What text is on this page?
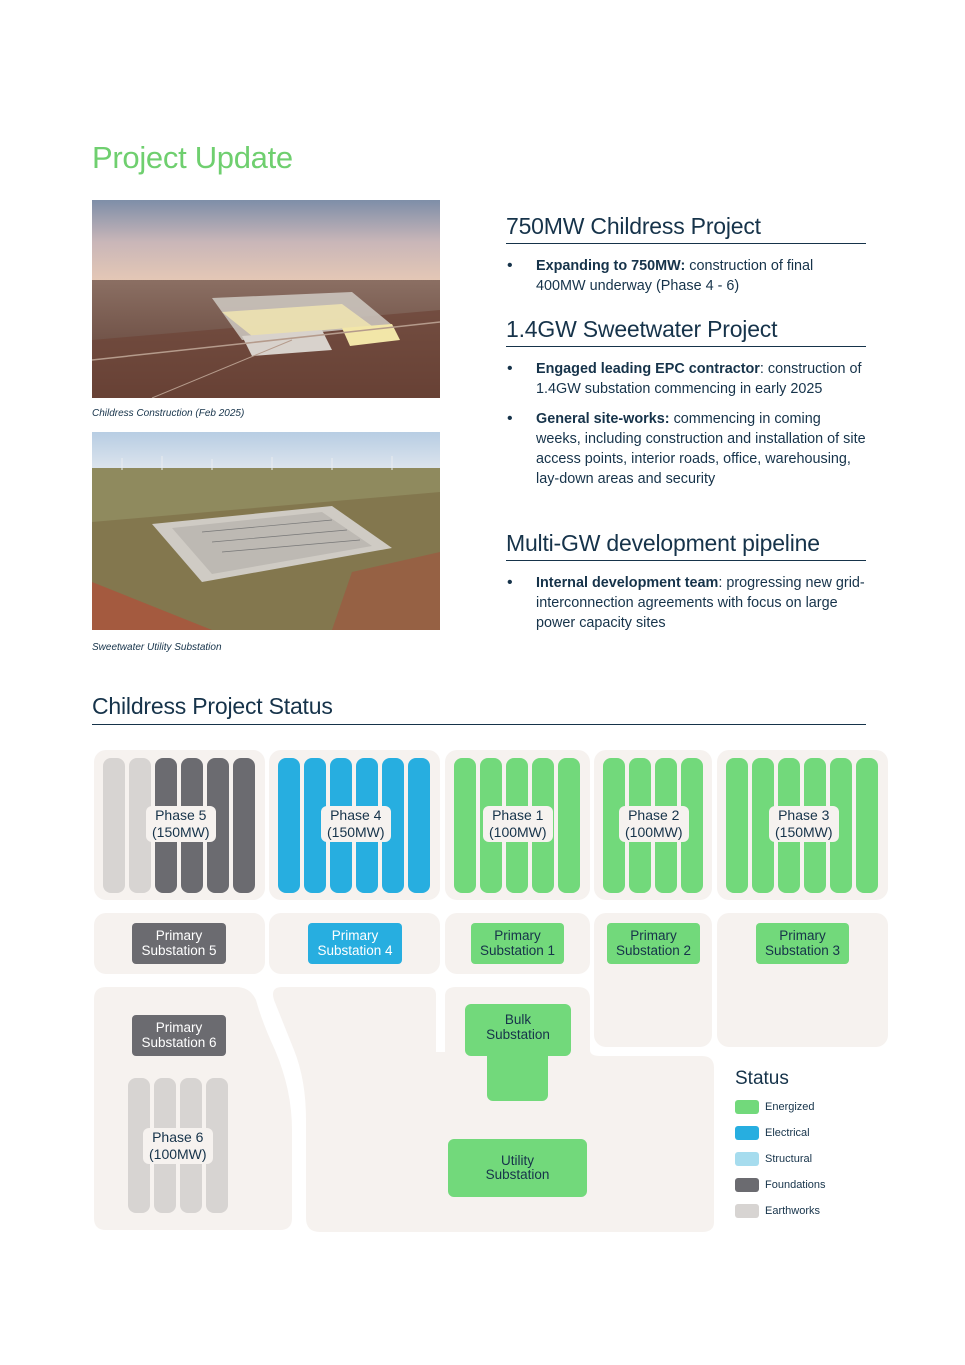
Project Update
Childress Construction (Feb 2025)
Sweetwater Utility Substation
750MW Childress Project
• Expanding to 750MW: construction of final 400MW underway (Phase 4 - 6)
1.4GW Sweetwater Project
• Engaged leading EPC contractor: construction of 1.4GW substation commencing in early 2025
• General site-works: commencing in coming weeks, including construction and installation of site access points, interior roads, office, warehousing, lay-down areas and security
Multi-GW development pipeline
• Internal development team: progressing new grid-interconnection agreements with focus on large power capacity sites
Childress Project Status
Phase 5
(150MW)
Phase 4
(150MW)
Phase 1
(100MW)
Phase 2
(100MW)
Phase 3
(150MW)
Phase 6
(100MW)
Primary
Substation 5
Primary
Substation 4
Primary
Substation 1
Primary
Substation 2
Primary
Substation 3
Primary
Substation 6
Bulk
Substation
Utility
Substation
Status
Energized
Electrical
Structural
Foundations
Earthworks
